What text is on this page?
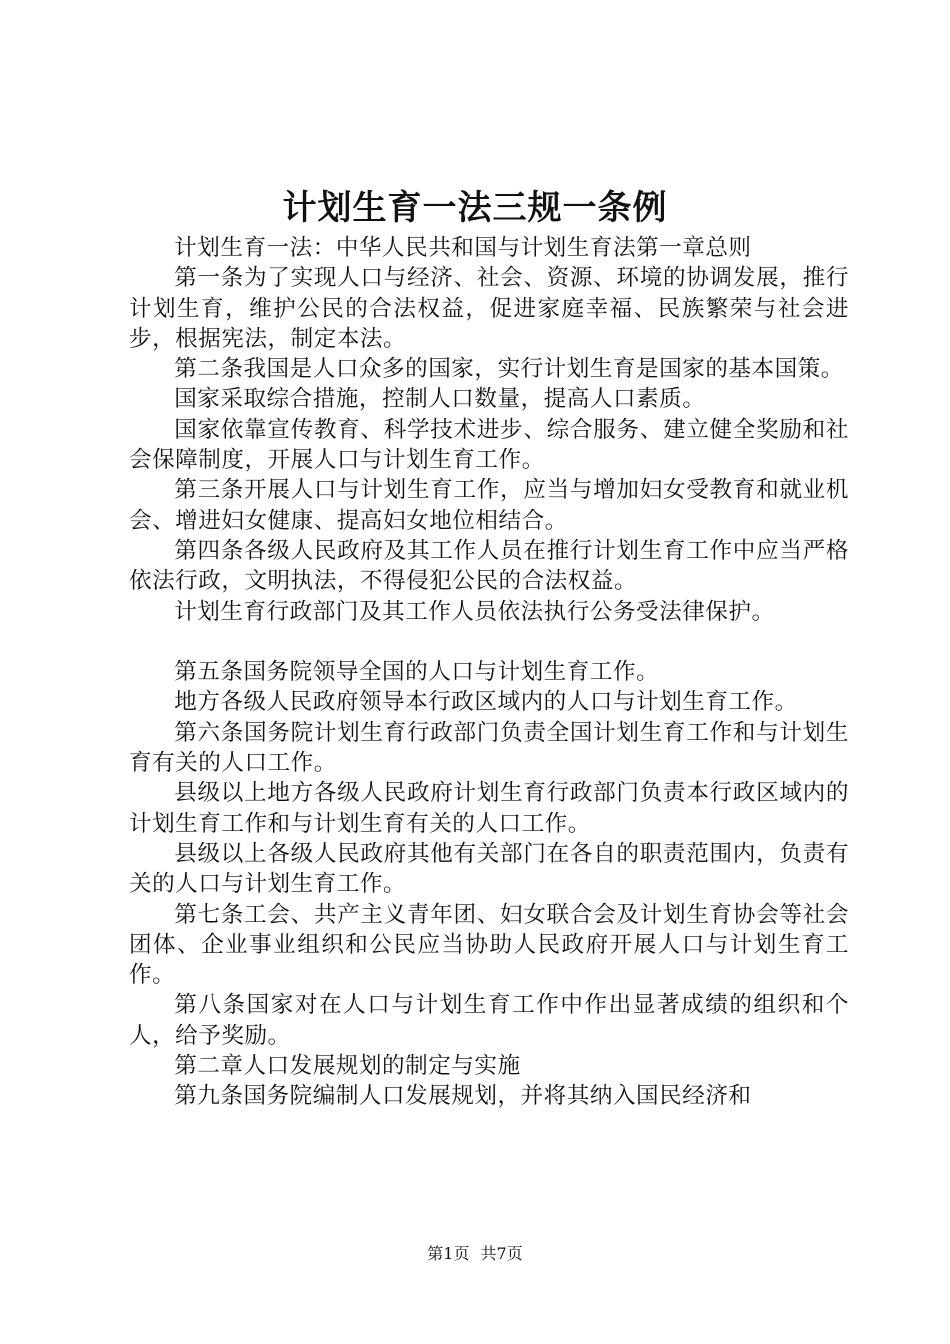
计划生育一法三规一条例

计划生育一法：中华人民共和国与计划生育法第一章总则

第一条为了实现人口与经济、社会、资源、环境的协调发展，推行计划生育，维护公民的合法权益，促进家庭幸福、民族繁荣与社会进步，根据宪法，制定本法。

第二条我国是人口众多的国家，实行计划生育是国家的基本国策。

国家采取综合措施，控制人口数量，提高人口素质。

国家依靠宣传教育、科学技术进步、综合服务、建立健全奖励和社会保障制度，开展人口与计划生育工作。

第三条开展人口与计划生育工作，应当与增加妇女受教育和就业机会、增进妇女健康、提高妇女地位相结合。

第四条各级人民政府及其工作人员在推行计划生育工作中应当严格依法行政，文明执法，不得侵犯公民的合法权益。

计划生育行政部门及其工作人员依法执行公务受法律保护。

第五条国务院领导全国的人口与计划生育工作。

地方各级人民政府领导本行政区域内的人口与计划生育工作。

第六条国务院计划生育行政部门负责全国计划生育工作和与计划生育有关的人口工作。

县级以上地方各级人民政府计划生育行政部门负责本行政区域内的计划生育工作和与计划生育有关的人口工作。

县级以上各级人民政府其他有关部门在各自的职责范围内，负责有关的人口与计划生育工作。

第七条工会、共产主义青年团、妇女联合会及计划生育协会等社会团体、企业事业组织和公民应当协助人民政府开展人口与计划生育工作。

第八条国家对在人口与计划生育工作中作出显著成绩的组织和个人，给予奖励。

第二章人口发展规划的制定与实施

第九条国务院编制人口发展规划，并将其纳入国民经济和

第1页 共7页
